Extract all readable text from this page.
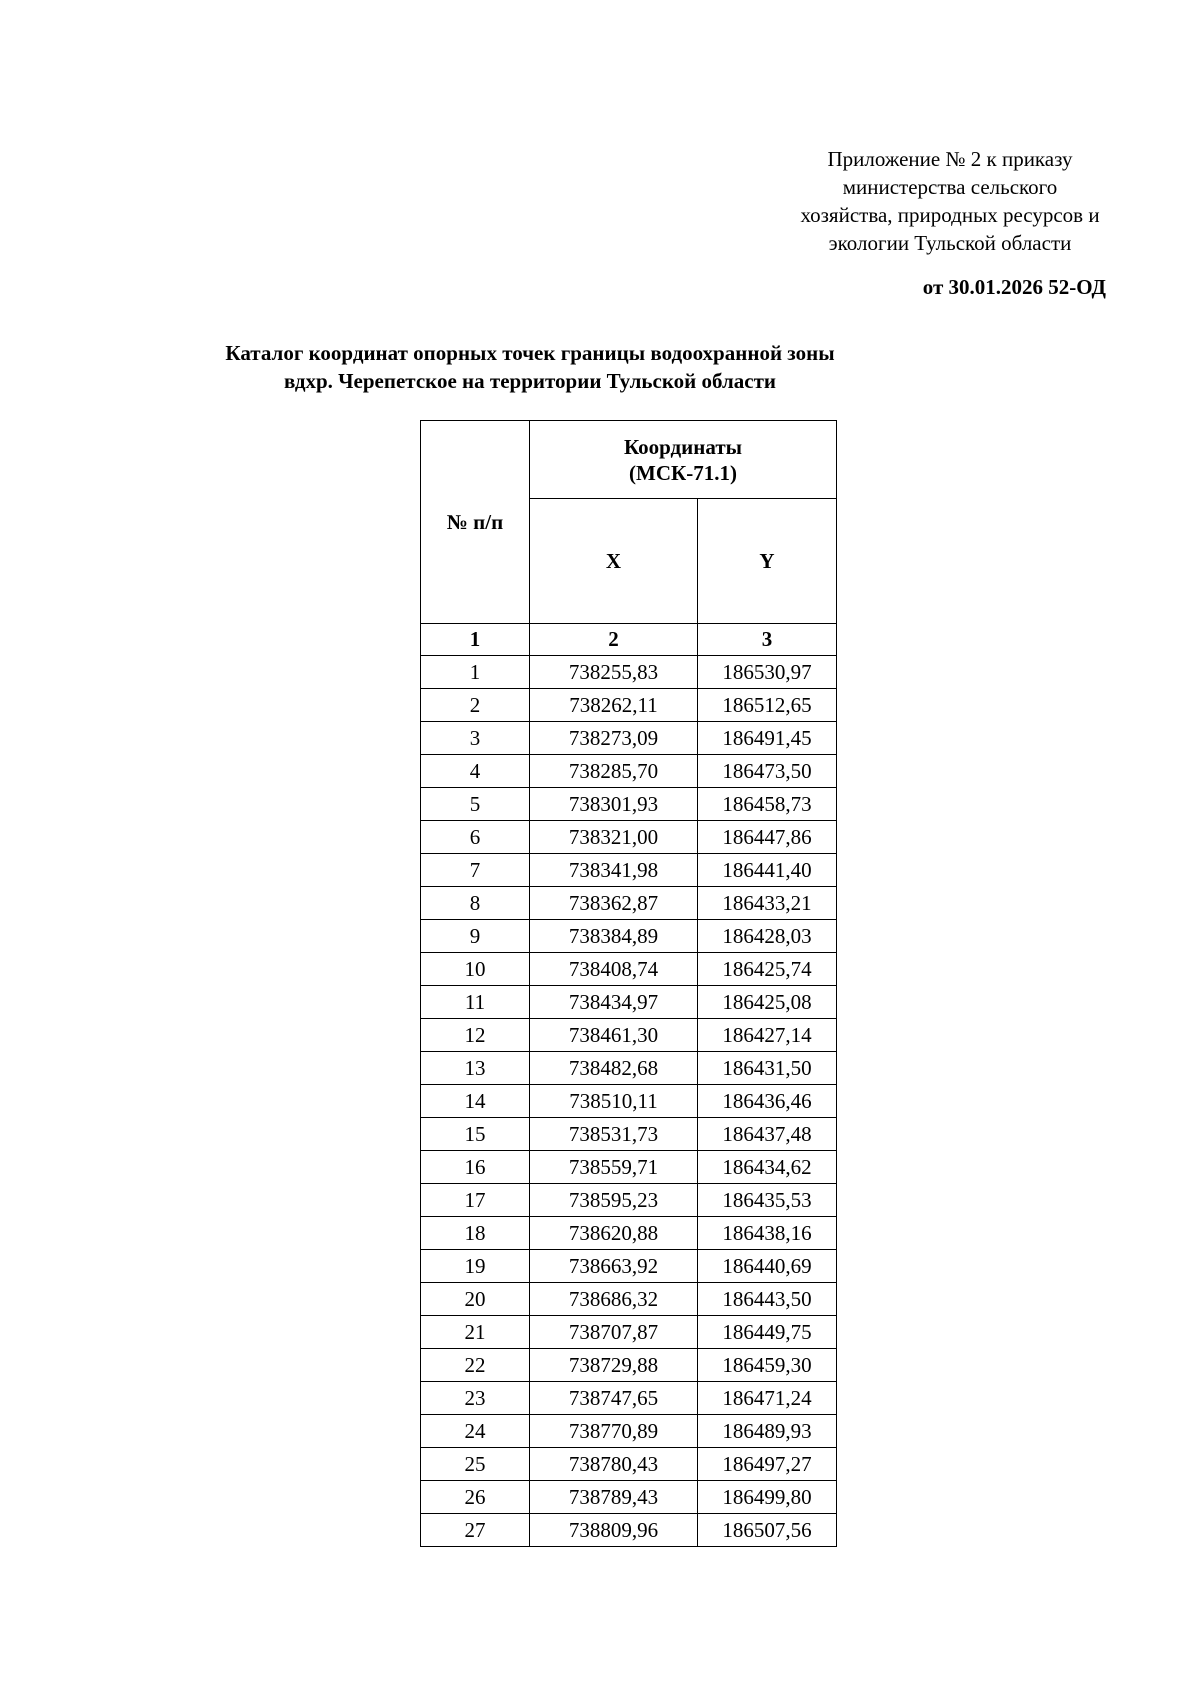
Приложение № 2 к приказу
министерства сельского
хозяйства, природных ресурсов и
экологии Тульской области
от 30.01.2026 52-ОД
Каталог координат опорных точек границы водоохранной зоны
вдхр. Черепетское на территории Тульской области
№ п/п	Координаты
(МСК-71.1)	

	X	Y
1	2	3
1	738255,83	186530,97
2	738262,11	186512,65
3	738273,09	186491,45
4	738285,70	186473,50
5	738301,93	186458,73
6	738321,00	186447,86
7	738341,98	186441,40
8	738362,87	186433,21
9	738384,89	186428,03
10	738408,74	186425,74
11	738434,97	186425,08
12	738461,30	186427,14
13	738482,68	186431,50
14	738510,11	186436,46
15	738531,73	186437,48
16	738559,71	186434,62
17	738595,23	186435,53
18	738620,88	186438,16
19	738663,92	186440,69
20	738686,32	186443,50
21	738707,87	186449,75
22	738729,88	186459,30
23	738747,65	186471,24
24	738770,89	186489,93
25	738780,43	186497,27
26	738789,43	186499,80
27	738809,96	186507,56
